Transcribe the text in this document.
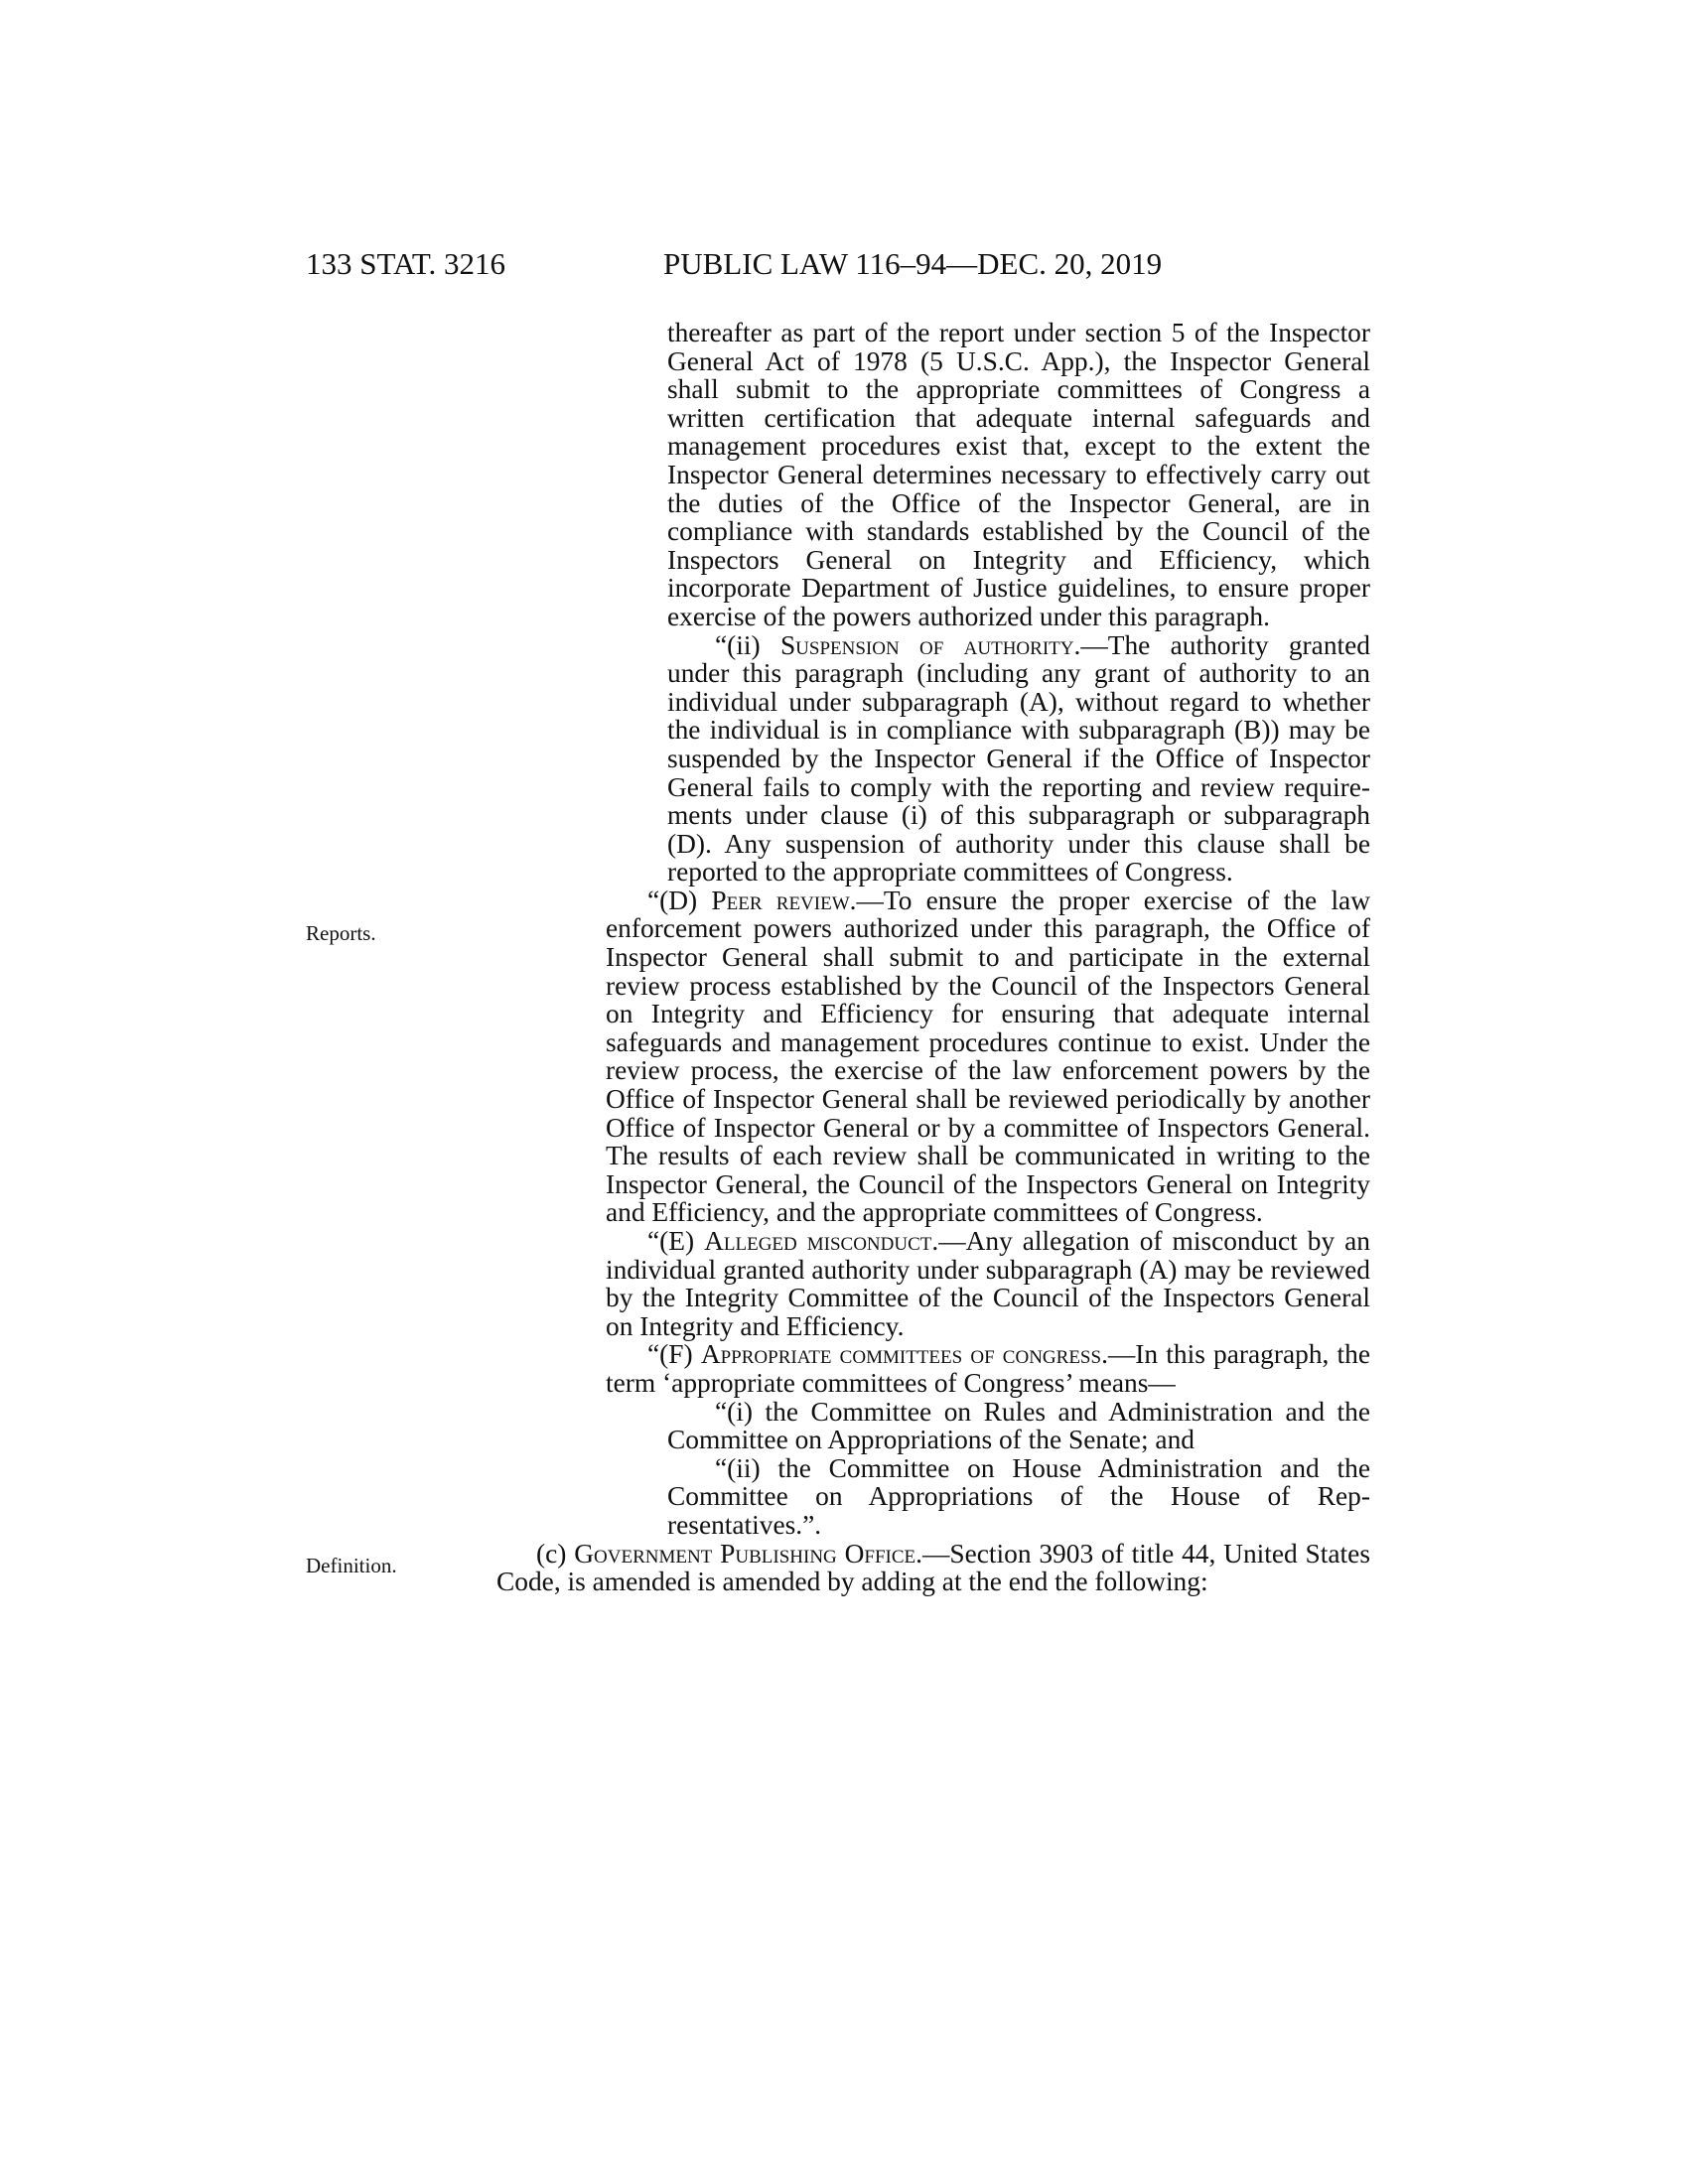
133 STAT. 3216	PUBLIC LAW 116–94—DEC. 20, 2019
Reports.
Definition.

thereafter as part of the report under section 5 of the Inspector General Act of 1978 (5 U.S.C. App.), the Inspector General shall submit to the appropriate committees of Congress a written certification that adequate internal safeguards and management procedures exist that, except to the extent the Inspector General determines necessary to effectively carry out the duties of the Office of the Inspector General, are in compliance with standards established by the Council of the Inspectors General on Integrity and Efficiency, which incorporate Department of Justice guidelines, to ensure proper exercise of the powers authorized under this paragraph.

“(ii) Suspension of authority.—The authority granted under this paragraph (including any grant of authority to an individual under subparagraph (A), without regard to whether the individual is in compliance with subparagraph (B)) may be suspended by the Inspector General if the Office of Inspector General fails to comply with the reporting and review requirements under clause (i) of this subparagraph or subparagraph (D). Any suspension of authority under this clause shall be reported to the appropriate committees of Congress.

“(D) Peer review.—To ensure the proper exercise of the law enforcement powers authorized under this paragraph, the Office of Inspector General shall submit to and participate in the external review process established by the Council of the Inspectors General on Integrity and Efficiency for ensuring that adequate internal safeguards and management procedures continue to exist. Under the review process, the exercise of the law enforcement powers by the Office of Inspector General shall be reviewed periodically by another Office of Inspector General or by a committee of Inspectors General. The results of each review shall be communicated in writing to the Inspector General, the Council of the Inspectors General on Integrity and Efficiency, and the appropriate committees of Congress.

“(E) Alleged misconduct.—Any allegation of misconduct by an individual granted authority under subparagraph (A) may be reviewed by the Integrity Committee of the Council of the Inspectors General on Integrity and Efficiency.

“(F) Appropriate committees of congress.—In this paragraph, the term ‘appropriate committees of Congress’ means—

“(i) the Committee on Rules and Administration and the Committee on Appropriations of the Senate; and

“(ii) the Committee on House Administration and the Committee on Appropriations of the House of Representatives.”.

(c) Government Publishing Office.—Section 3903 of title 44, United States Code, is amended is amended by adding at the end the following:
